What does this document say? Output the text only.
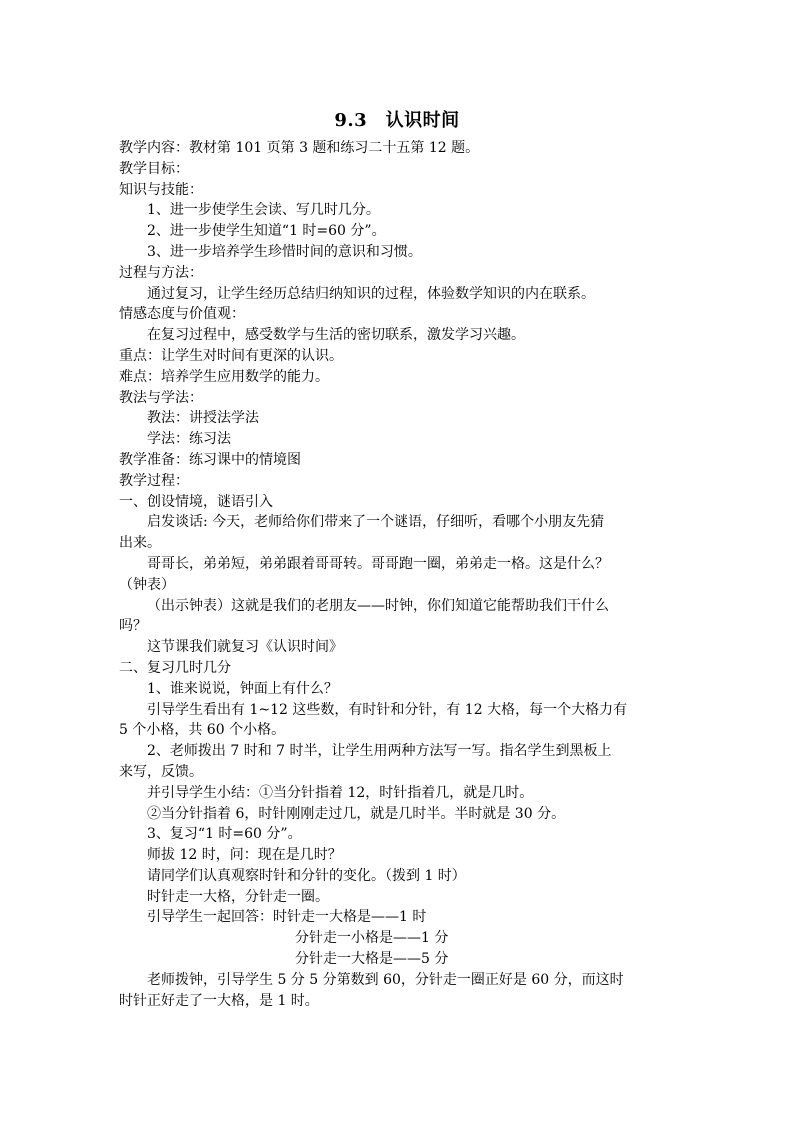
9.3　认识时间
教学内容：教材第 101 页第 3 题和练习二十五第 12 题。
教学目标：
知识与技能：
1、进一步使学生会读、写几时几分。
2、进一步使学生知道“1 时=60 分”。
3、进一步培养学生珍惜时间的意识和习惯。
过程与方法：
通过复习，让学生经历总结归纳知识的过程，体验数学知识的内在联系。
情感态度与价值观：
在复习过程中，感受数学与生活的密切联系，激发学习兴趣。
重点：让学生对时间有更深的认识。
难点：培养学生应用数学的能力。
教法与学法：
教法：讲授法学法
学法：练习法
教学准备：练习课中的情境图
教学过程：
一、创设情境，谜语引入
启发谈话: 今天，老师给你们带来了一个谜语，仔细听，看哪个小朋友先猜
出来。
哥哥长，弟弟短，弟弟跟着哥哥转。哥哥跑一圈，弟弟走一格。这是什么？
（钟表）
（出示钟表）这就是我们的老朋友——时钟，你们知道它能帮助我们干什么
吗？
这节课我们就复习《认识时间》
二、复习几时几分
1、谁来说说，钟面上有什么？
引导学生看出有 1~12 这些数，有时针和分针，有 12 大格，每一个大格力有
5 个小格，共 60 个小格。
2、老师拨出 7 时和 7 时半，让学生用两种方法写一写。指名学生到黑板上
来写，反馈。
并引导学生小结：①当分针指着 12，时针指着几，就是几时。
②当分针指着 6，时针刚刚走过几，就是几时半。半时就是 30 分。
3、复习“1 时=60 分”。
师拔 12 时，问：现在是几时？
请同学们认真观察时针和分针的变化。（拨到 1 时）
时针走一大格，分针走一圈。
引导学生一起回答：时针走一大格是——1 时
分针走一小格是——1 分
分针走一大格是——5 分
老师拨钟，引导学生 5 分 5 分第数到 60，分针走一圈正好是 60 分，而这时
时针正好走了一大格，是 1 时。
